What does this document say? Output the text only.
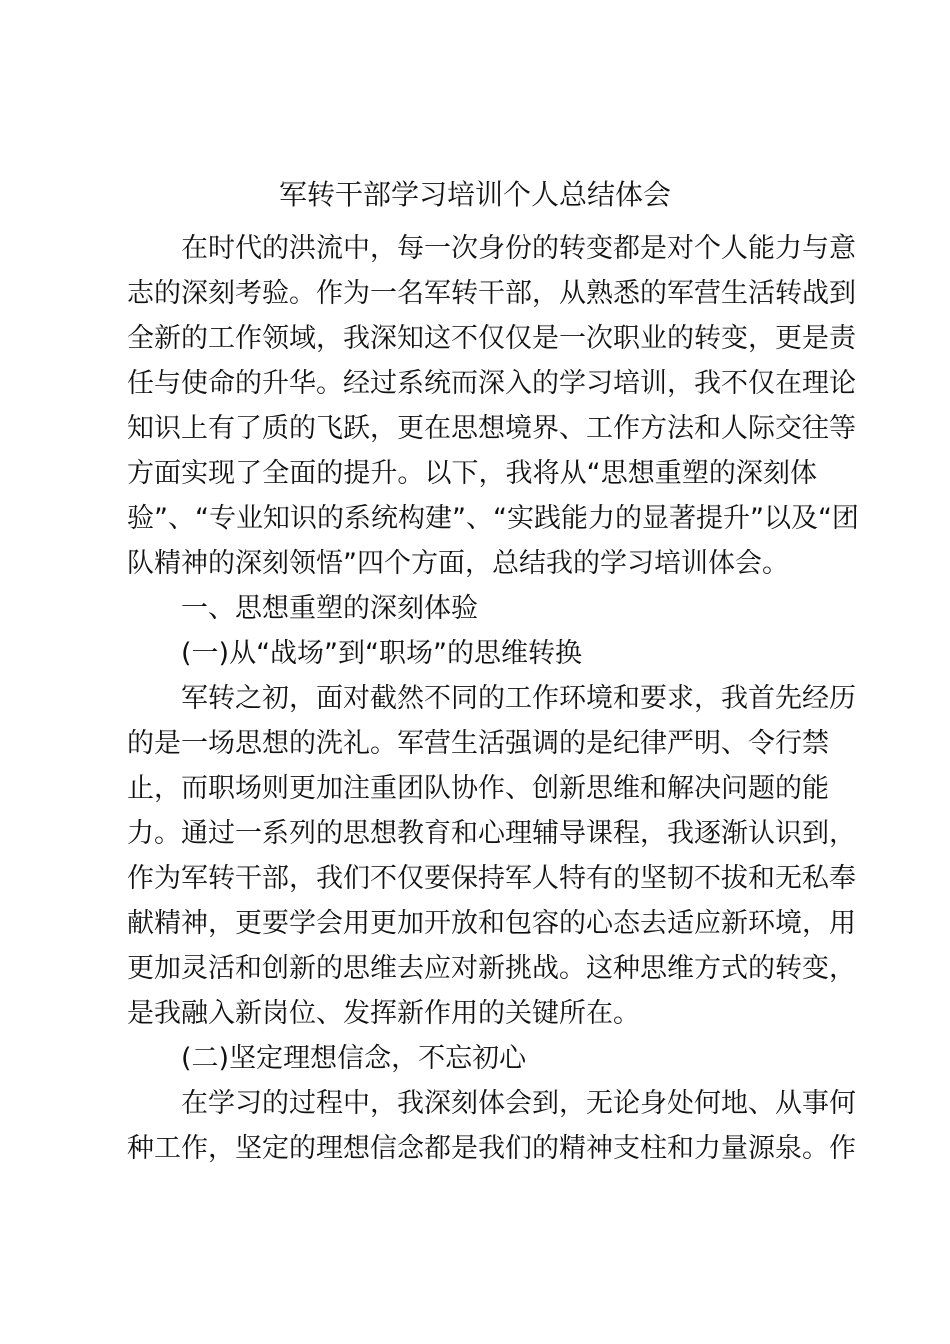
军转干部学习培训个人总结体会
在时代的洪流中，每一次身份的转变都是对个人能力与意
志的深刻考验。作为一名军转干部，从熟悉的军营生活转战到
全新的工作领域，我深知这不仅仅是一次职业的转变，更是责
任与使命的升华。经过系统而深入的学习培训，我不仅在理论
知识上有了质的飞跃，更在思想境界、工作方法和人际交往等
方面实现了全面的提升。以下，我将从“思想重塑的深刻体
验”、“专业知识的系统构建”、“实践能力的显著提升”以及“团
队精神的深刻领悟”四个方面，总结我的学习培训体会。
一、思想重塑的深刻体验
(一)从“战场”到“职场”的思维转换
军转之初，面对截然不同的工作环境和要求，我首先经历
的是一场思想的洗礼。军营生活强调的是纪律严明、令行禁
止，而职场则更加注重团队协作、创新思维和解决问题的能
力。通过一系列的思想教育和心理辅导课程，我逐渐认识到，
作为军转干部，我们不仅要保持军人特有的坚韧不拔和无私奉
献精神，更要学会用更加开放和包容的心态去适应新环境，用
更加灵活和创新的思维去应对新挑战。这种思维方式的转变，
是我融入新岗位、发挥新作用的关键所在。
(二)坚定理想信念，不忘初心
在学习的过程中，我深刻体会到，无论身处何地、从事何
种工作，坚定的理想信念都是我们的精神支柱和力量源泉。作
